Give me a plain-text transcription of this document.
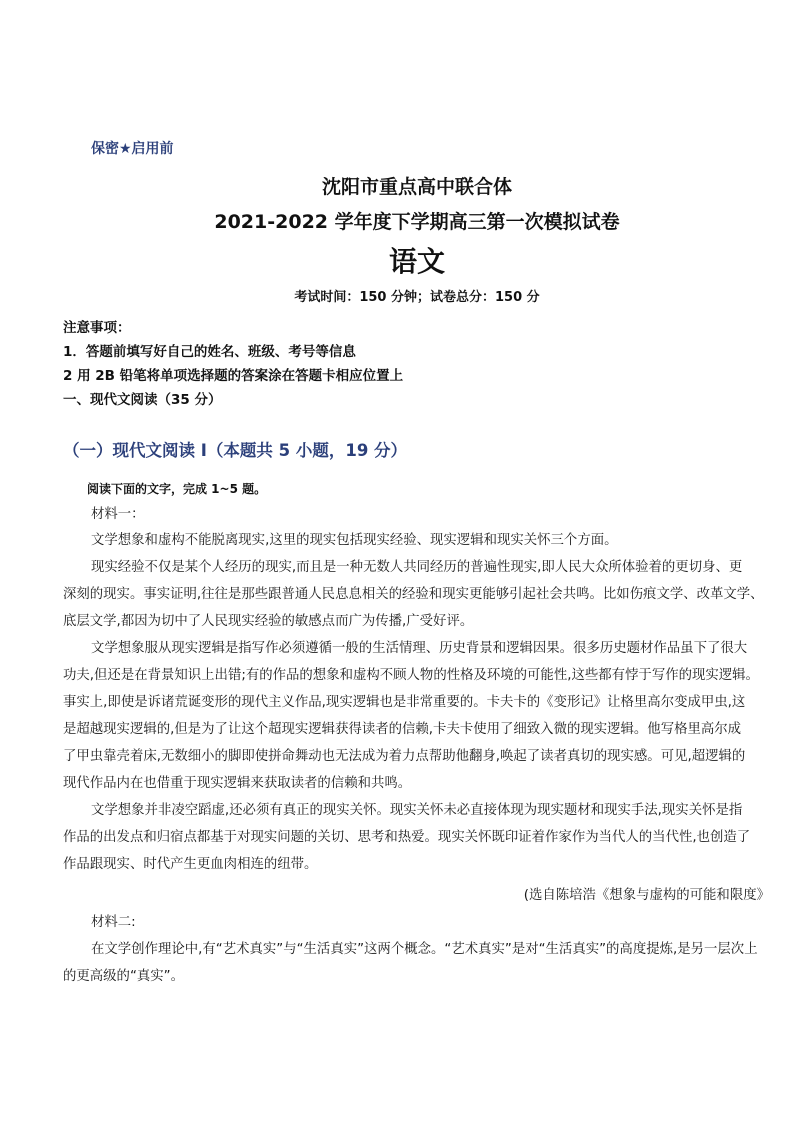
保密★启用前
沈阳市重点高中联合体
2021-2022 学年度下学期高三第一次模拟试卷
语文
考试时间：150 分钟；试卷总分：150 分
注意事项：
1．答题前填写好自己的姓名、班级、考号等信息
2 用 2B 铅笔将单项选择题的答案涂在答题卡相应位置上
一、现代文阅读（35 分）
（一）现代文阅读 I（本题共 5 小题，19 分）
阅读下面的文字，完成 1~5 题。
材料一：
文学想象和虚构不能脱离现实,这里的现实包括现实经验、现实逻辑和现实关怀三个方面。
现实经验不仅是某个人经历的现实,而且是一种无数人共同经历的普遍性现实,即人民大众所体验着的更切身、更
深刻的现实。事实证明,往往是那些跟普通人民息息相关的经验和现实更能够引起社会共鸣。比如伤痕文学、改革文学、
底层文学,都因为切中了人民现实经验的敏感点而广为传播,广受好评。
文学想象服从现实逻辑是指写作必须遵循一般的生活情理、历史背景和逻辑因果。很多历史题材作品虽下了很大
功夫,但还是在背景知识上出错;有的作品的想象和虚构不顾人物的性格及环境的可能性,这些都有悖于写作的现实逻辑。
事实上,即使是诉诸荒诞变形的现代主义作品,现实逻辑也是非常重要的。卡夫卡的《变形记》让格里高尔变成甲虫,这
是超越现实逻辑的,但是为了让这个超现实逻辑获得读者的信赖,卡夫卡使用了细致入微的现实逻辑。他写格里高尔成
了甲虫靠壳着床,无数细小的脚即使拼命舞动也无法成为着力点帮助他翻身,唤起了读者真切的现实感。可见,超逻辑的
现代作品内在也借重于现实逻辑来获取读者的信赖和共鸣。
文学想象并非凌空蹈虚,还必须有真正的现实关怀。现实关怀未必直接体现为现实题材和现实手法,现实关怀是指
作品的出发点和归宿点都基于对现实问题的关切、思考和热爱。现实关怀既印证着作家作为当代人的当代性,也创造了
作品跟现实、时代产生更血肉相连的纽带。
(选自陈培浩《想象与虚构的可能和限度》
材料二:
在文学创作理论中,有“艺术真实”与“生活真实”这两个概念。“艺术真实”是对“生活真实”的高度提炼,是另一层次上
的更高级的“真实”。
